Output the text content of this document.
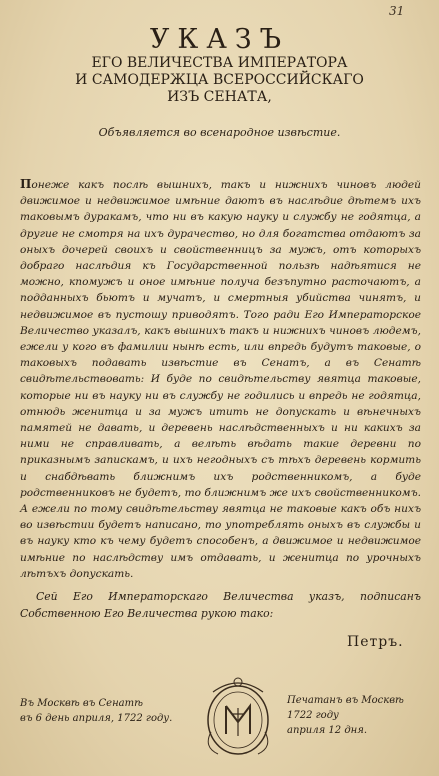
31
УКАЗЪ
ЕГО ВЕЛИЧЕСТВА ИМПЕРАТОРА
И САМОДЕРЖЦА ВСЕРОССИЙСКАГО
ИЗЪ СЕНАТА,
Объявляется во всенародное извѣстие.
Понеже какъ послѣ вышнихъ, такъ и нижнихъ чиновъ людей движимое и недвижимое имѣние даютъ въ наслѣдие дѣтемъ ихъ таковымъ дуракамъ, что ни въ какую науку и службу не годятца, а другие не смотря на ихъ дурачество, но для богатства отдаютъ за оныхъ дочерей своихъ и свойственницъ за мужъ, отъ которыхъ добраго наслѣдия къ Государственной пользѣ надѣятися не можно, кпомужъ и оное имѣние получа безъпутно расточаютъ, а подданныхъ бьютъ и мучатъ, и смертныя убийства чинятъ, и недвижимое въ пустошу приводятъ. Того ради Его Императорское Величество указалъ, какъ вышнихъ такъ и нижнихъ чиновъ людемъ, ежели у кого въ фамилии нынѣ есть, или впредь будутъ таковые, о таковыхъ подавать извѣстие въ Сенатъ, а въ Сенатѣ свидѣтельствовать: И буде по свидѣтельству явятца таковые, которые ни въ науку ни въ службу не годились и впредь не годятца, отнюдь женитца и за мужъ итить не допускать и вѣнечныхъ памятей не давать, и деревень наслѣдственныхъ и ни какихъ за ними не справливать, а велѣть вѣдать такие деревни по приказнымъ запискамъ, и ихъ негодныхъ съ тѣхъ деревень кормить и снабдѣвать ближнимъ ихъ родственникомъ, а буде родственниковъ не будетъ, то ближнимъ же ихъ свойственникомъ. А ежели по тому свидѣтельству явятца не таковые какъ объ нихъ во извѣстии будетъ написано, то употреблять оныхъ въ службы и въ науку кто къ чему будетъ способенъ, а движимое и недвижимое имѣние по наслѣдству имъ отдавать, и женитца по урочныхъ лѣтъхъ допускать.
Сей Его Императорскаго Величества указъ, подписанъ Собственною Его Величества рукою тако:
Петръ.
Въ Москвѣ въ Сенатѣ
въ 6 день априля, 1722 году.
Печатанъ въ Москвѣ 1722 году
априля 12 дня.
